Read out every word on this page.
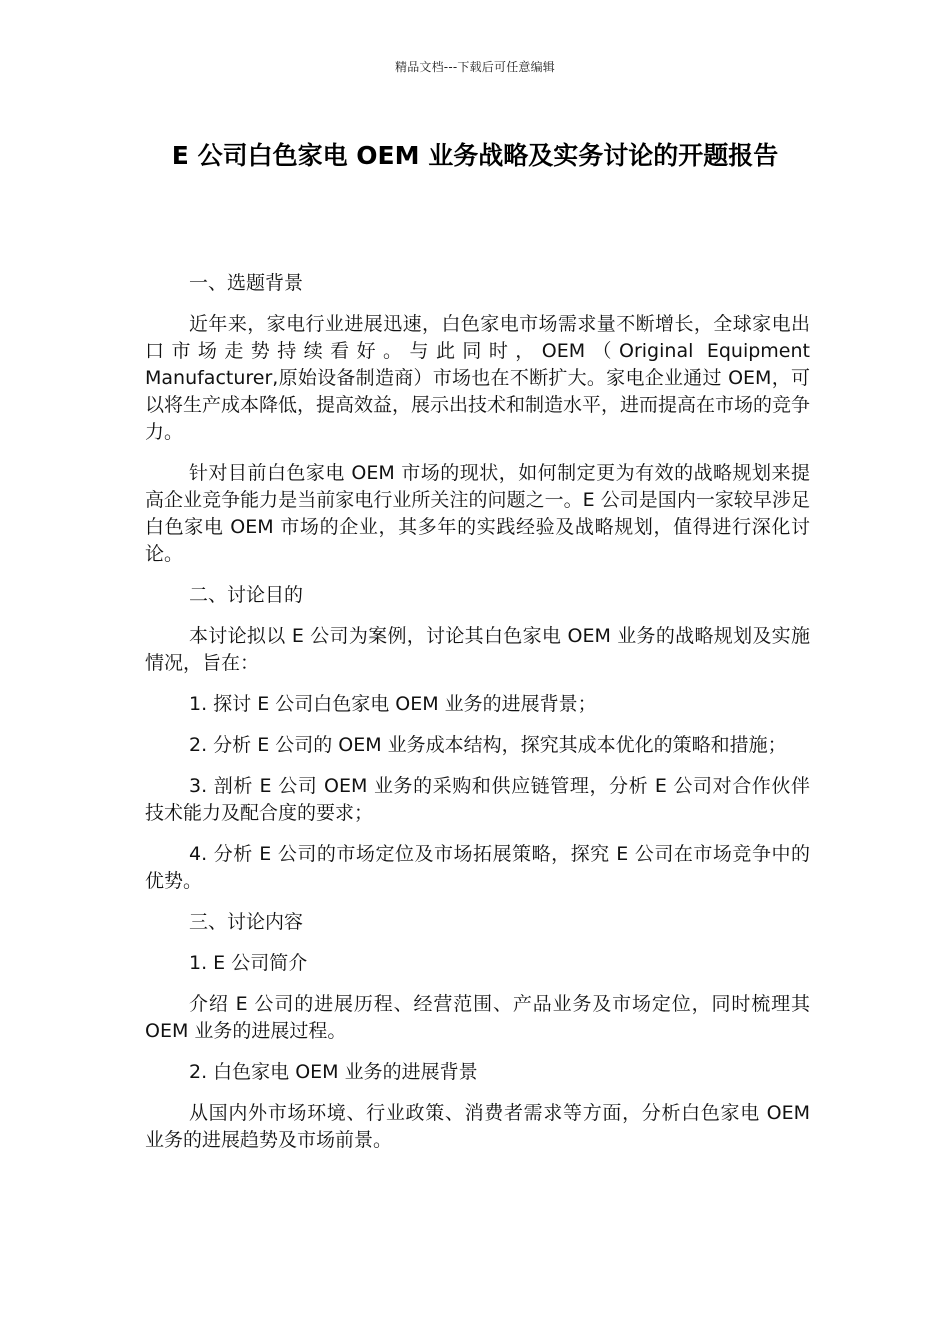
精品文档---下载后可任意编辑
E 公司白色家电 OEM 业务战略及实务讨论的开题报告

一、选题背景

近年来，家电行业进展迅速，白色家电市场需求量不断增长，全球家电出口市场走势持续看好。与此同时，OEM（Original Equipment Manufacturer,原始设备制造商）市场也在不断扩大。家电企业通过 OEM，可以将生产成本降低，提高效益，展示出技术和制造水平，进而提高在市场的竞争力。

针对目前白色家电 OEM 市场的现状，如何制定更为有效的战略规划来提高企业竞争能力是当前家电行业所关注的问题之一。E 公司是国内一家较早涉足白色家电 OEM 市场的企业，其多年的实践经验及战略规划，值得进行深化讨论。

二、讨论目的

本讨论拟以 E 公司为案例，讨论其白色家电 OEM 业务的战略规划及实施情况，旨在：

1. 探讨 E 公司白色家电 OEM 业务的进展背景；

2. 分析 E 公司的 OEM 业务成本结构，探究其成本优化的策略和措施；

3. 剖析 E 公司 OEM 业务的采购和供应链管理，分析 E 公司对合作伙伴技术能力及配合度的要求；

4. 分析 E 公司的市场定位及市场拓展策略，探究 E 公司在市场竞争中的优势。

三、讨论内容

1. E 公司简介

介绍 E 公司的进展历程、经营范围、产品业务及市场定位，同时梳理其 OEM 业务的进展过程。

2. 白色家电 OEM 业务的进展背景

从国内外市场环境、行业政策、消费者需求等方面，分析白色家电 OEM 业务的进展趋势及市场前景。
